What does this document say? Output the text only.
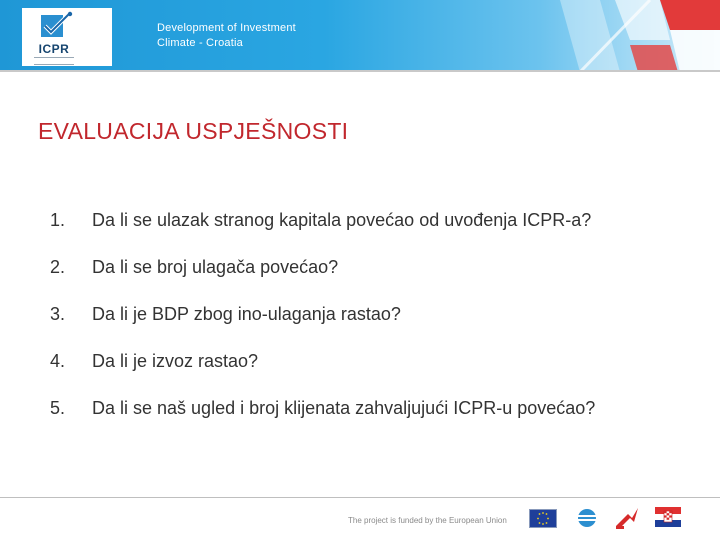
ICPR
Development of Investment
Climate - Croatia
EVALUACIJA USPJEŠNOSTI
1. Da li se ulazak stranog kapitala povećao od uvođenja ICPR-a?
2. Da li se broj ulagača povećao?
3. Da li je BDP zbog ino-ulaganja rastao?
4. Da li je izvoz rastao?
5. Da li se naš ugled i broj klijenata zahvaljujući ICPR-u povećao?
The project is funded by the European Union
